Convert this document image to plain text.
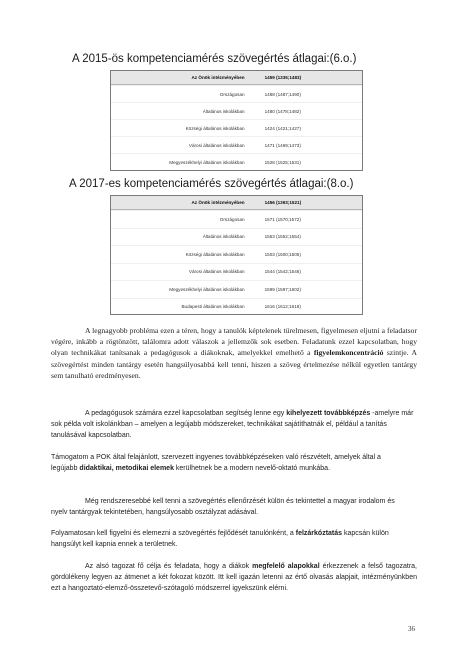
A 2015-ös kompetenciamérés szövegértés átlagai:(6.o.)
Az Önök intézményében	1459 (1335;1483)
Országosan	1488 (1487;1490)
Általános iskolákban	1480 (1478;1482)
Községi általános iskolákban	1424 (1421;1427)
Városi általános iskolákban	1471 (1469;1473)
Megyeszékhelyi általános iskolákban	1528 (1525;1531)
A 2017-es kompetenciamérés szövegértés átlagai:(8.o.)
Az Önök intézményében	1456 (1393;1521)
Országosan	1571 (1570;1572)
Általános iskolákban	1553 (1552;1554)
Községi általános iskolákban	1503 (1500;1505)
Városi általános iskolákban	1544 (1542;1546)
Megyeszékhelyi általános iskolákban	1599 (1597;1602)
Budapesti általános iskolákban	1616 (1612;1618)
A legnagyobb probléma ezen a téren, hogy a tanulók képtelenek türelmesen, figyelmesen eljutni a feladatsor végére, inkább a rögtönzött, találomra adott válaszok a jellemzők sok esetben. Feladatunk ezzel kapcsolatban, hogy olyan technikákat tanítsanak a pedagógusok a diákoknak, amelyekkel emelhető a figyelemkoncentráció szintje. A szövegértést minden tantárgy esetén hangsúlyosabbá kell tenni, hiszen a szöveg értelmezése nélkül egyetlen tantárgy sem tanulható eredményesen.
A pedagógusok számára ezzel kapcsolatban segítség lenne egy kihelyezett továbbképzés -amelyre már sok példa volt iskolánkban – amelyen a legújabb módszereket, technikákat sajátíthatnák el, például a tanítás tanulásával kapcsolatban.
Támogatom a POK által felajánlott, szervezett ingyenes továbbképzéseken való részvételt, amelyek által a legújabb didaktikai, metodikai elemek kerülhetnek be a modern nevelő-oktató munkába.
Még rendszeresebbé kell tenni a szövegértés ellenőrzését külön és tekintettel a magyar irodalom és nyelv tantárgyak tekintetében, hangsúlyosabb osztályzat adásával.
Folyamatosan kell figyelni és elemezni a szövegértés fejlődését tanulónként, a felzárkóztatás kapcsán külön hangsúlyt kell kapnia ennek a területnek.
Az alsó tagozat fő célja és feladata, hogy a diákok megfelelő alapokkal érkezzenek a felső tagozatra, gördülékeny legyen az átmenet a két fokozat között. Itt kell igazán letenni az értő olvasás alapjait, intézményünkben ezt a hangoztató-elemző-összetevő-szótagoló módszerrel igyekszünk elérni.
36
